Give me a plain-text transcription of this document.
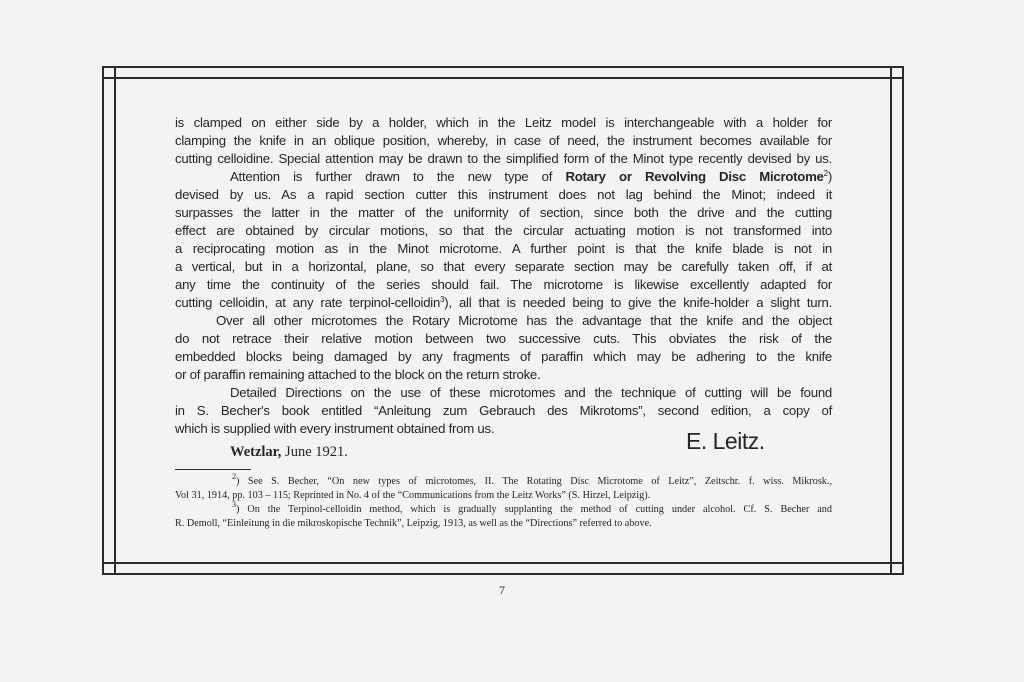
is clamped on either side by a holder, which in the Leitz model is interchangeable with a holder for
clamping the knife in an oblique position, whereby, in case of need, the instrument becomes available for
cutting celloidine. Special attention may be drawn to the simplified form of the Minot type recently devised by us.
Attention is further drawn to the new type of Rotary or Revolving Disc Microtome$^2$)
devised by us. As a rapid section cutter this instrument does not lag behind the Minot; indeed it
surpasses the latter in the matter of the uniformity of section, since both the drive and the cutting
effect are obtained by circular motions, so that the circular actuating motion is not transformed into
a reciprocating motion as in the Minot microtome. A further point is that the knife blade is not in
a vertical, but in a horizontal, plane, so that every separate section may be carefully taken off, if at
any time the continuity of the series should fail. The microtome is likewise excellently adapted for
cutting celloidin, at any rate terpinol-celloidin$^3$), all that is needed being to give the knife-holder a slight turn.
Over all other microtomes the Rotary Microtome has the advantage that the knife and the object
do not retrace their relative motion between two successive cuts. This obviates the risk of the
embedded blocks being damaged by any fragments of paraffin which may be adhering to the knife
or of paraffin remaining attached to the block on the return stroke.
Detailed Directions on the use of these microtomes and the technique of cutting will be found
in S. Becher's book entitled “Anleitung zum Gebrauch des Mikrotoms”, second edition, a copy of
which is supplied with every instrument obtained from us.
Wetzlar, June 1921.	E. Leitz.
$^2$) See S. Becher, “On new types of microtomes, II. The Rotating Disc Microtome of Leitz”, Zeitschr. f. wiss. Mikrosk.,
Vol 31, 1914, pp. 103 – 115; Reprinted in No. 4 of the “Communications from the Leitz Works” (S. Hirzel, Leipzig).
$^3$) On the Terpinol-celloidin method, which is gradually supplanting the method of cutting under alcohol. Cf. S. Becher and
R. Demoll, “Einleitung in die mikroskopische Technik”, Leipzig, 1913, as well as the “Directions” referred to above.
7
